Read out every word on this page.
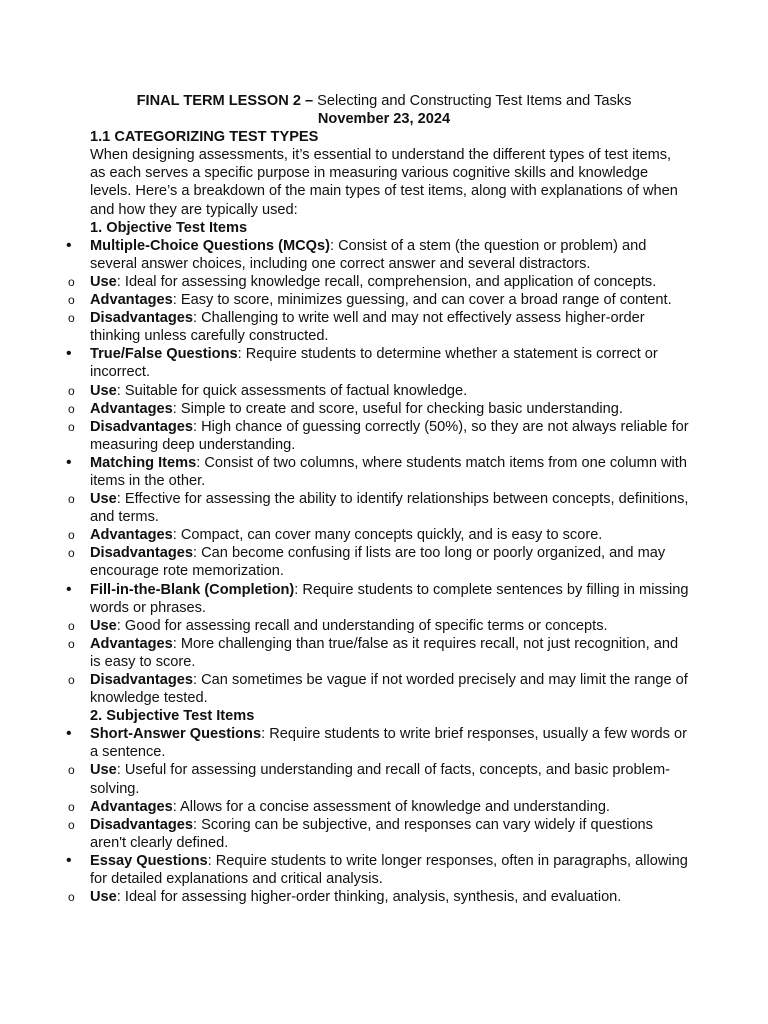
FINAL TERM LESSON 2 – Selecting and Constructing Test Items and Tasks

November 23, 2024

1.1 CATEGORIZING TEST TYPES

When designing assessments, it’s essential to understand the different types of test items, as each serves a specific purpose in measuring various cognitive skills and knowledge levels. Here’s a breakdown of the main types of test items, along with explanations of when and how they are typically used:

1. Objective Test Items

•	Multiple-Choice Questions (MCQs): Consist of a stem (the question or problem) and several answer choices, including one correct answer and several distractors.
o	Use: Ideal for assessing knowledge recall, comprehension, and application of concepts.
o	Advantages: Easy to score, minimizes guessing, and can cover a broad range of content.
o	Disadvantages: Challenging to write well and may not effectively assess higher-order thinking unless carefully constructed.
•	True/False Questions: Require students to determine whether a statement is correct or incorrect.
o	Use: Suitable for quick assessments of factual knowledge.
o	Advantages: Simple to create and score, useful for checking basic understanding.
o	Disadvantages: High chance of guessing correctly (50%), so they are not always reliable for measuring deep understanding.
•	Matching Items: Consist of two columns, where students match items from one column with items in the other.
o	Use: Effective for assessing the ability to identify relationships between concepts, definitions, and terms.
o	Advantages: Compact, can cover many concepts quickly, and is easy to score.
o	Disadvantages: Can become confusing if lists are too long or poorly organized, and may encourage rote memorization.
•	Fill-in-the-Blank (Completion): Require students to complete sentences by filling in missing words or phrases.
o	Use: Good for assessing recall and understanding of specific terms or concepts.
o	Advantages: More challenging than true/false as it requires recall, not just recognition, and is easy to score.
o	Disadvantages: Can sometimes be vague if not worded precisely and may limit the range of knowledge tested.

2. Subjective Test Items

•	Short-Answer Questions: Require students to write brief responses, usually a few words or a sentence.
o	Use: Useful for assessing understanding and recall of facts, concepts, and basic problem-solving.
o	Advantages: Allows for a concise assessment of knowledge and understanding.
o	Disadvantages: Scoring can be subjective, and responses can vary widely if questions aren't clearly defined.
•	Essay Questions: Require students to write longer responses, often in paragraphs, allowing for detailed explanations and critical analysis.
o	Use: Ideal for assessing higher-order thinking, analysis, synthesis, and evaluation.
